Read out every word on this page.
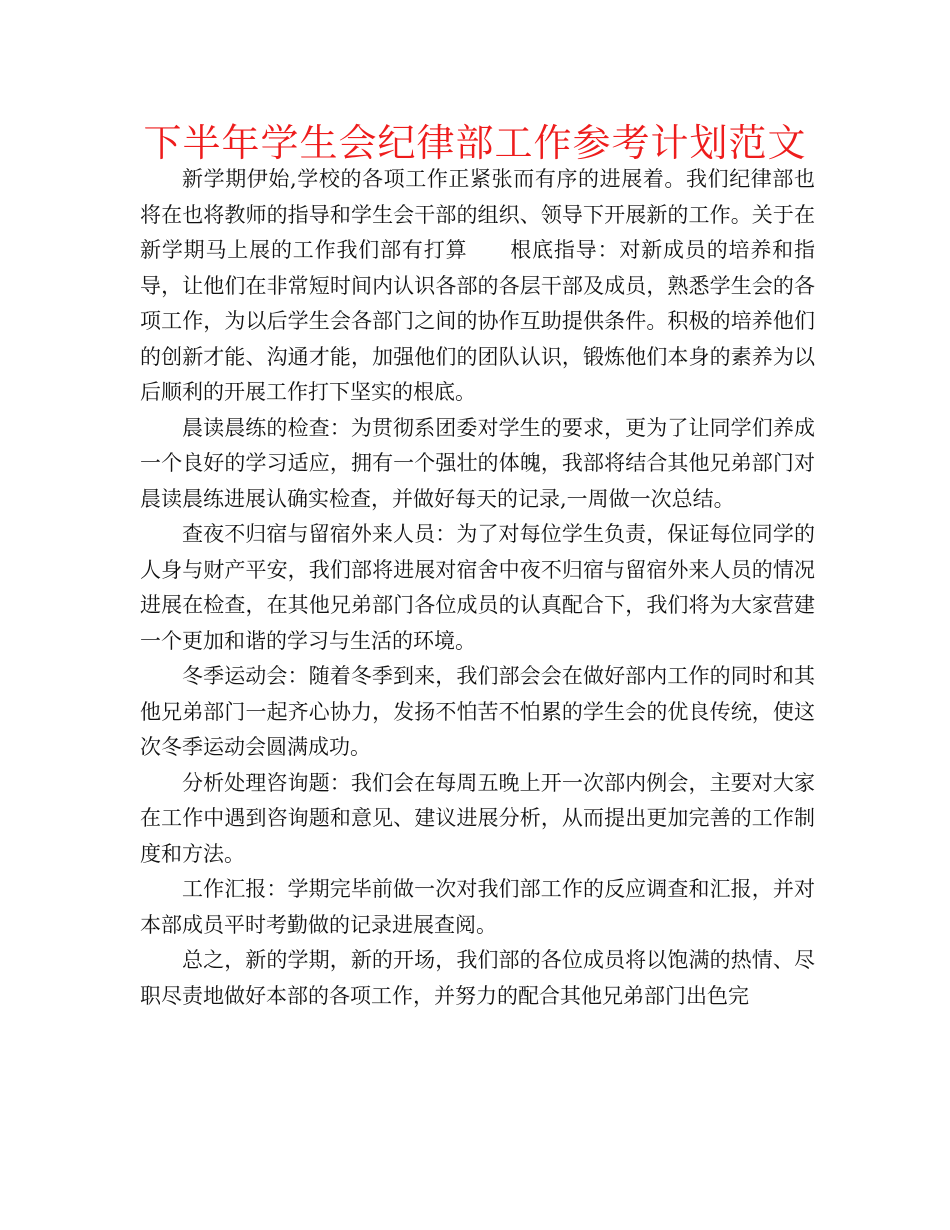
下半年学生会纪律部工作参考计划范文

新学期伊始,学校的各项工作正紧张而有序的进展着。我们纪律部也将在也将教师的指导和学生会干部的组织、领导下开展新的工作。关于在新学期马上展的工作我们部有打算 根底指导：对新成员的培养和指导，让他们在非常短时间内认识各部的各层干部及成员，熟悉学生会的各项工作，为以后学生会各部门之间的协作互助提供条件。积极的培养他们的创新才能、沟通才能，加强他们的团队认识，锻炼他们本身的素养为以后顺利的开展工作打下坚实的根底。

晨读晨练的检查：为贯彻系团委对学生的要求，更为了让同学们养成一个良好的学习适应，拥有一个强壮的体魄，我部将结合其他兄弟部门对晨读晨练进展认确实检查，并做好每天的记录,一周做一次总结。

查夜不归宿与留宿外来人员：为了对每位学生负责，保证每位同学的人身与财产平安，我们部将进展对宿舍中夜不归宿与留宿外来人员的情况进展在检查，在其他兄弟部门各位成员的认真配合下，我们将为大家营建一个更加和谐的学习与生活的环境。

冬季运动会：随着冬季到来，我们部会会在做好部内工作的同时和其他兄弟部门一起齐心协力，发扬不怕苦不怕累的学生会的优良传统，使这次冬季运动会圆满成功。

分析处理咨询题：我们会在每周五晚上开一次部内例会，主要对大家在工作中遇到咨询题和意见、建议进展分析，从而提出更加完善的工作制度和方法。

工作汇报：学期完毕前做一次对我们部工作的反应调查和汇报，并对本部成员平时考勤做的记录进展查阅。

总之，新的学期，新的开场，我们部的各位成员将以饱满的热情、尽职尽责地做好本部的各项工作，并努力的配合其他兄弟部门出色完
